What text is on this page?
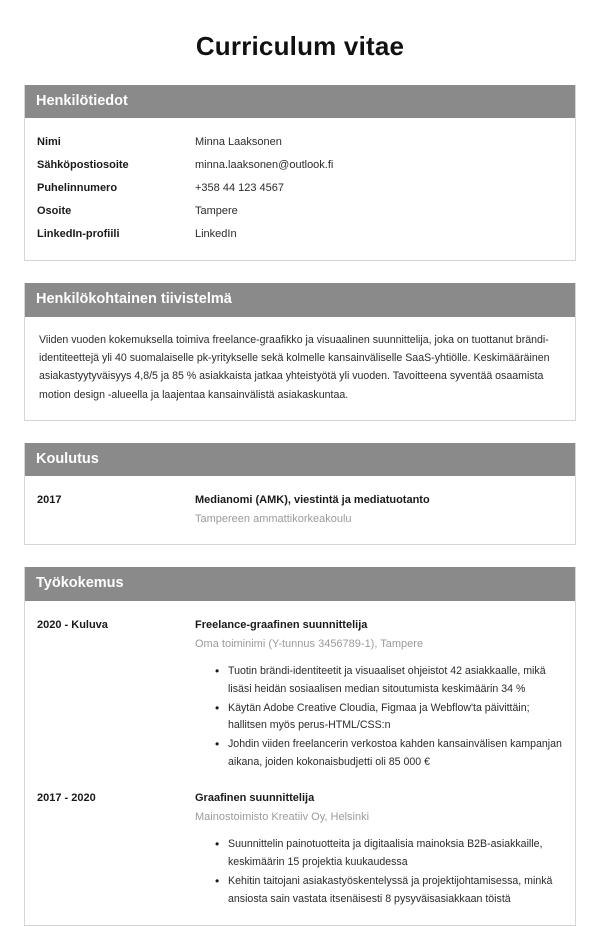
Curriculum vitae
Henkilötiedot
Nimi	Minna Laaksonen
Sähköpostiosoite	minna.laaksonen@outlook.fi
Puhelinnumero	+358 44 123 4567
Osoite	Tampere
LinkedIn-profiili	LinkedIn
Henkilökohtainen tiivistelmä

Viiden vuoden kokemuksella toimiva freelance-graafikko ja visuaalinen suunnittelija, joka on tuottanut brändi-identiteettejä yli 40 suomalaiselle pk-yritykselle sekä kolmelle kansainväliselle SaaS-yhtiölle. Keskimääräinen asiakastyytyväisyys 4,8/5 ja 85 % asiakkaista jatkaa yhteistyötä yli vuoden. Tavoitteena syventää osaamista motion design -alueella ja laajentaa kansainvälistä asiakaskuntaa.

Koulutus
2017	Medianomi (AMK), viestintä ja mediatuotanto
Tampereen ammattikorkeakoulu
Työkokemus
2020 - Kuluva	Freelance-graafinen suunnittelija
Oma toiminimi (Y-tunnus 3456789-1), Tampere
• Tuotin brändi-identiteetit ja visuaaliset ohjeistot 42 asiakkaalle, mikä lisäsi heidän sosiaalisen median sitoutumista keskimäärin 34 %
• Käytän Adobe Creative Cloudia, Figmaa ja Webflow'ta päivittäin; hallitsen myös perus-HTML/CSS:n
• Johdin viiden freelancerin verkostoa kahden kansainvälisen kampanjan aikana, joiden kokonaisbudjetti oli 85 000 €
2017 - 2020	Graafinen suunnittelija
Mainostoimisto Kreatiiv Oy, Helsinki
• Suunnittelin painotuotteita ja digitaalisia mainoksia B2B-asiakkaille, keskimäärin 15 projektia kuukaudessa
• Kehitin taitojani asiakastyöskentelyssä ja projektijohtamisessa, minkä ansiosta sain vastata itsenäisesti 8 pysyväisasiakkaan töistä
